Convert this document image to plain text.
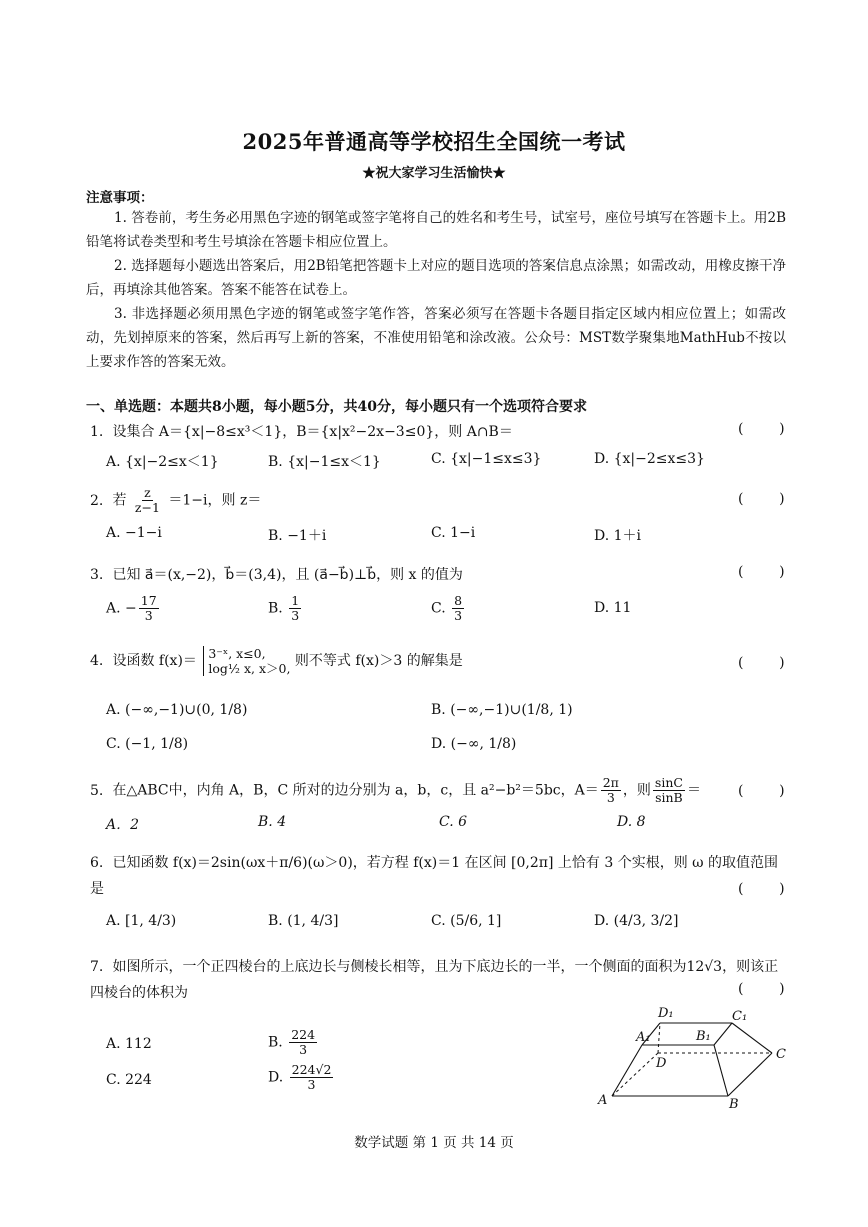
2025年普通高等学校招生全国统一考试
★祝大家学习生活愉快★
注意事项：
1. 答卷前，考生务必用黑色字迹的钢笔或签字笔将自己的姓名和考生号，试室号，座位号填写在答题卡上。用2B铅笔将试卷类型和考生号填涂在答题卡相应位置上。
2. 选择题每小题选出答案后，用2B铅笔把答题卡上对应的题目选项的答案信息点涂黑；如需改动，用橡皮擦干净后，再填涂其他答案。答案不能答在试卷上。
3. 非选择题必须用黑色字迹的钢笔或签字笔作答，答案必须写在答题卡各题目指定区域内相应位置上；如需改动，先划掉原来的答案，然后再写上新的答案，不准使用铅笔和涂改液。公众号：MST数学聚集地MathHub不按以上要求作答的答案无效。
一、单选题：本题共8小题，每小题5分，共40分，每小题只有一个选项符合要求
1. 设集合 A＝{x|−8≤x³＜1}，B＝{x|x²−2x−3≤0}，则 A∩B＝	(        )
A. {x|−2≤x＜1}	B. {x|−1≤x＜1}	C. {x|−1≤x≤3}	D. {x|−2≤x≤3}
2. 若 $\frac{z}{z-1} =1-i$，则 z＝	(        )
A. −1−i	B. −1＋i	C. 1−i	D. 1＋i
3. 已知 a⃗＝(x,−2)，b⃗＝(3,4)，且 (a⃗−b⃗)⊥b⃗，则 x 的值为	(        )
A. − $\frac{17}{3}$	B. $\frac{1}{3}$	C. $\frac{8}{3}$	D. 11
4. 设函数 f(x)＝ 3⁻ˣ, x≤0,
log½ x, x＞0, 则不等式 f(x)＞3 的解集是	(        )
A. (−∞,−1)∪(0, 1/8)	B. (−∞,−1)∪(1/8, 1)
C. (−1, 1/8)	D. (−∞, 1/8)
5. 在△ABC中，内角 A，B，C 所对的边分别为 a，b，c，且 a²−b²＝5bc，$A= \frac{2\pi}{3}$ ，则 $\frac{\sin C}{\sin B}$ ＝	(        )
A．2	B. 4	C. 6	D. 8
6. 已知函数 f(x)＝2sin(ωx＋π/6)(ω＞0)，若方程 f(x)＝1 在区间 [0,2π] 上恰有 3 个实根，则 ω 的取值范围是	(        )
A. [1, 4/3)	B. (1, 4/3]	C. (5/6, 1]	D. (4/3, 3/2]
7. 如图所示，一个正四棱台的上底边长与侧棱长相等，且为下底边长的一半，一个侧面的面积为12√3，则该正四棱台的体积为	(        )
A. 112	B. $\frac{224}{3}$
C. 224	D. $\frac{224√2}{3}$
D₁	C₁
A₁	B₁
D
C
A	B
数学试题 第 1 页 共 14 页
